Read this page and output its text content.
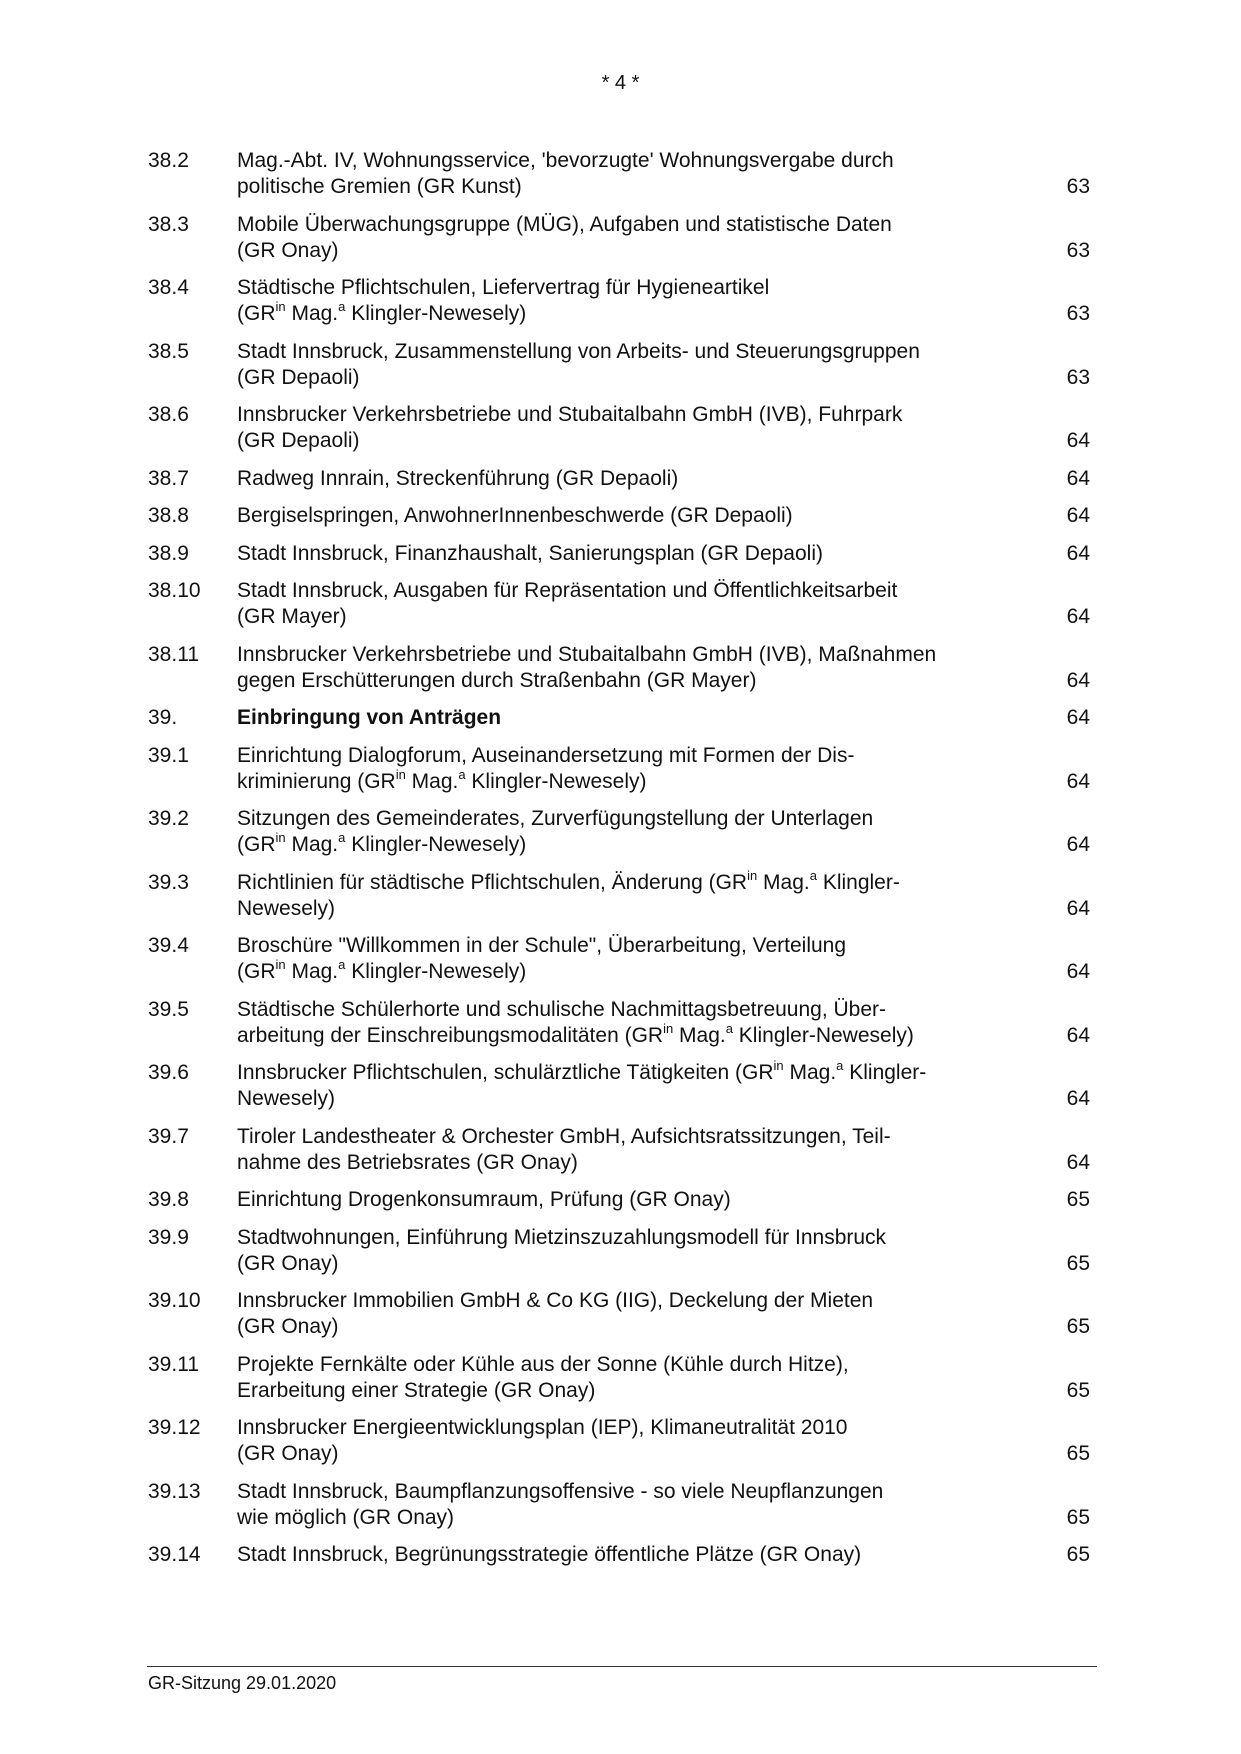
* 4 *
38.2	Mag.-Abt. IV, Wohnungsservice, 'bevorzugte' Wohnungsvergabe durch
politische Gremien (GR Kunst)	63
38.3	Mobile Überwachungsgruppe (MÜG), Aufgaben und statistische Daten
(GR Onay)	63
38.4	Städtische Pflichtschulen, Liefervertrag für Hygieneartikel
($GR^{in}$ Mag.$^a$ Klingler-Newesely)	63
38.5	Stadt Innsbruck, Zusammenstellung von Arbeits- und Steuerungsgruppen
(GR Depaoli)	63
38.6	Innsbrucker Verkehrsbetriebe und Stubaitalbahn GmbH (IVB), Fuhrpark
(GR Depaoli)	64
38.7	Radweg Innrain, Streckenführung (GR Depaoli)	64
38.8	Bergiselspringen, AnwohnerInnenbeschwerde (GR Depaoli)	64
38.9	Stadt Innsbruck, Finanzhaushalt, Sanierungsplan (GR Depaoli)	64
38.10	Stadt Innsbruck, Ausgaben für Repräsentation und Öffentlichkeitsarbeit
(GR Mayer)	64
38.11	Innsbrucker Verkehrsbetriebe und Stubaitalbahn GmbH (IVB), Maßnahmen
gegen Erschütterungen durch Straßenbahn (GR Mayer)	64
39.	Einbringung von Anträgen	64
39.1	Einrichtung Dialogforum, Auseinandersetzung mit Formen der Dis-
kriminierung ($GR^{in}$ Mag.$^a$ Klingler-Newesely)	64
39.2	Sitzungen des Gemeinderates, Zurverfügungstellung der Unterlagen
($GR^{in}$ Mag.$^a$ Klingler-Newesely)	64
39.3	Richtlinien für städtische Pflichtschulen, Änderung ($GR^{in}$ Mag.$^a$ Klingler-
Newesely)	64
39.4	Broschüre "Willkommen in der Schule", Überarbeitung, Verteilung
($GR^{in}$ Mag.$^a$ Klingler-Newesely)	64
39.5	Städtische Schülerhorte und schulische Nachmittagsbetreuung, Über-
arbeitung der Einschreibungsmodalitäten ($GR^{in}$ Mag.$^a$ Klingler-Newesely)	64
39.6	Innsbrucker Pflichtschulen, schulärztliche Tätigkeiten ($GR^{in}$ Mag.$^a$ Klingler-
Newesely)	64
39.7	Tiroler Landestheater & Orchester GmbH, Aufsichtsratssitzungen, Teil-
nahme des Betriebsrates (GR Onay)	64
39.8	Einrichtung Drogenkonsumraum, Prüfung (GR Onay)	65
39.9	Stadtwohnungen, Einführung Mietzinszuzahlungsmodell für Innsbruck
(GR Onay)	65
39.10	Innsbrucker Immobilien GmbH & Co KG (IIG), Deckelung der Mieten
(GR Onay)	65
39.11	Projekte Fernkälte oder Kühle aus der Sonne (Kühle durch Hitze),
Erarbeitung einer Strategie (GR Onay)	65
39.12	Innsbrucker Energieentwicklungsplan (IEP), Klimaneutralität 2010
(GR Onay)	65
39.13	Stadt Innsbruck, Baumpflanzungsoffensive - so viele Neupflanzungen
wie möglich (GR Onay)	65
39.14	Stadt Innsbruck, Begrünungsstrategie öffentliche Plätze (GR Onay)	65
GR-Sitzung 29.01.2020
